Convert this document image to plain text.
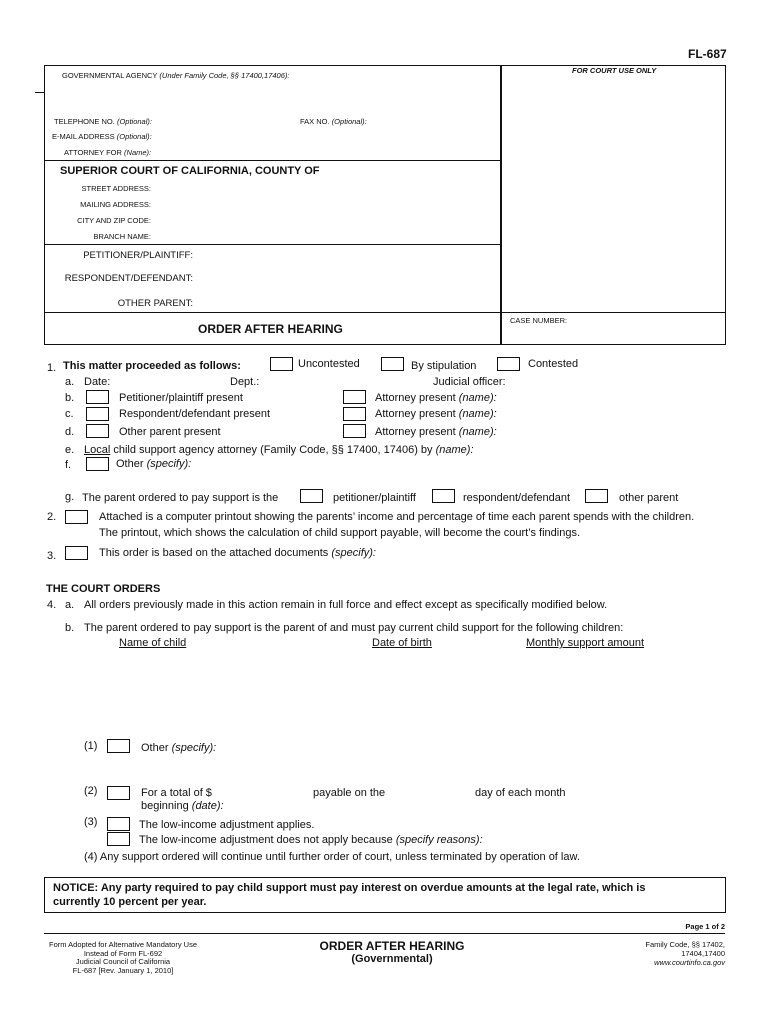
FL-687
FOR COURT USE ONLY
GOVERNMENTAL AGENCY (Under Family Code, §§ 17400,17406):
TELEPHONE NO. (Optional):	FAX NO. (Optional):
E-MAIL ADDRESS (Optional):
ATTORNEY FOR (Name):
SUPERIOR COURT OF CALIFORNIA, COUNTY OF
STREET ADDRESS:
MAILING ADDRESS:
CITY AND ZIP CODE:
BRANCH NAME:
PETITIONER/PLAINTIFF:
RESPONDENT/DEFENDANT:
OTHER PARENT:
ORDER AFTER HEARING
CASE NUMBER:
1. This matter proceeded as follows:	Uncontested	By stipulation	Contested
a. Date:	Dept.:	Judicial officer:
b.	Petitioner/plaintiff present	Attorney present (name):
c.	Respondent/defendant present	Attorney present (name):
d.	Other parent present	Attorney present (name):
e. Local child support agency attorney (Family Code, §§ 17400, 17406) by (name):
f.	Other (specify):
g. The parent ordered to pay support is the	petitioner/plaintiff	respondent/defendant	other parent
2.	Attached is a computer printout showing the parents’ income and percentage of time each parent spends with the children.
The printout, which shows the calculation of child support payable, will become the court’s findings.
3.	This order is based on the attached documents (specify):
THE COURT ORDERS
4. a. All orders previously made in this action remain in full force and effect except as specifically modified below.
b. The parent ordered to pay support is the parent of and must pay current child support for the following children:
Name of child	Date of birth	Monthly support amount
(1)	Other (specify):
(2)	For a total of $	payable on the	day of each month
beginning (date):
(3)	The low-income adjustment applies.
The low-income adjustment does not apply because (specify reasons):
(4) Any support ordered will continue until further order of court, unless terminated by operation of law.
NOTICE: Any party required to pay child support must pay interest on overdue amounts at the legal rate, which is
currently 10 percent per year.
Page 1 of 2
Form Adopted for Alternative Mandatory Use
Instead of Form FL-692
Judicial Council of California
FL-687 [Rev. January 1, 2010]
ORDER AFTER HEARING
(Governmental)
Family Code, §§ 17402,
17404,17400
www.courtinfo.ca.gov
